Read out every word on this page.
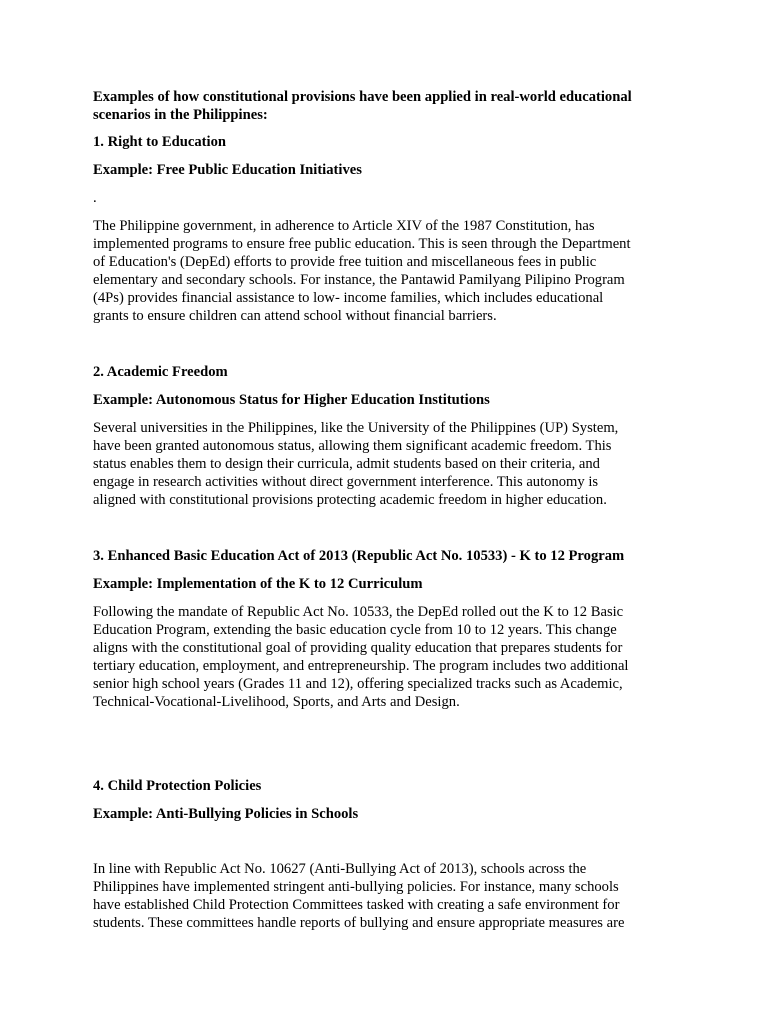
Examples of how constitutional provisions have been applied in real-world educational

scenarios in the Philippines:

1. Right to Education

Example: Free Public Education Initiatives

.

The Philippine government, in adherence to Article XIV of the 1987 Constitution, has

implemented programs to ensure free public education. This is seen through the Department

of Education's (DepEd) efforts to provide free tuition and miscellaneous fees in public

elementary and secondary schools. For instance, the Pantawid Pamilyang Pilipino Program

(4Ps) provides financial assistance to low- income families, which includes educational

grants to ensure children can attend school without financial barriers.

2. Academic Freedom

Example: Autonomous Status for Higher Education Institutions

Several universities in the Philippines, like the University of the Philippines (UP) System,

have been granted autonomous status, allowing them significant academic freedom. This

status enables them to design their curricula, admit students based on their criteria, and

engage in research activities without direct government interference. This autonomy is

aligned with constitutional provisions protecting academic freedom in higher education.

3. Enhanced Basic Education Act of 2013 (Republic Act No. 10533) - K to 12 Program

Example: Implementation of the K to 12 Curriculum

Following the mandate of Republic Act No. 10533, the DepEd rolled out the K to 12 Basic

Education Program, extending the basic education cycle from 10 to 12 years. This change

aligns with the constitutional goal of providing quality education that prepares students for

tertiary education, employment, and entrepreneurship. The program includes two additional

senior high school years (Grades 11 and 12), offering specialized tracks such as Academic,

Technical-Vocational-Livelihood, Sports, and Arts and Design.

4. Child Protection Policies

Example: Anti-Bullying Policies in Schools

In line with Republic Act No. 10627 (Anti-Bullying Act of 2013), schools across the

Philippines have implemented stringent anti-bullying policies. For instance, many schools

have established Child Protection Committees tasked with creating a safe environment for

students. These committees handle reports of bullying and ensure appropriate measures are
